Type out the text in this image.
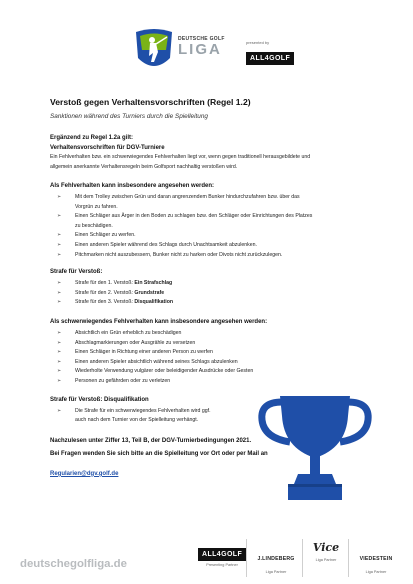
DEUTSCHE GOLF
LIGA	presented by
ALL4GOLF
Verstoß gegen Verhaltensvorschriften (Regel 1.2)
Sanktionen während des Turniers durch die Spielleitung
Ergänzend zu Regel 1.2a gilt:
Verhaltensvorschriften für DGV-Turniere
Ein Fehlverhalten bzw. ein schwerwiegendes Fehlverhalten liegt vor, wenn gegen traditionell herausgebildete und
allgemein anerkannte Verhaltensregeln beim Golfsport nachhaltig verstoßen wird.
Als Fehlverhalten kann insbesondere angesehen werden:
➢	Mit dem Trolley zwischen Grün und daran angrenzendem Bunker hindurchzufahren bzw. über das
Vorgrün zu fahren.
➢	Einen Schläger aus Ärger in den Boden zu schlagen bzw. den Schläger oder Einrichtungen des Platzes
zu beschädigen.
➢	Einen Schläger zu werfen.
➢	Einen anderen Spieler während des Schlags durch Unachtsamkeit abzulenken.
➢	Pitchmarken nicht auszubessern, Bunker nicht zu harken oder Divots nicht zurückzulegen.
Strafe für Verstoß:
➢	Strafe für den 1. Verstoß: Ein Strafschlag
➢	Strafe für den 2. Verstoß: Grundstrafe
➢	Strafe für den 3. Verstoß: Disqualifikation
Als schwerwiegendes Fehlverhalten kann insbesondere angesehen werden:
➢	Absichtlich ein Grün erheblich zu beschädigen
➢	Abschlagmarkierungen oder Ausgrähle zu versetzen
➢	Einen Schläger in Richtung einer anderen Person zu werfen
➢	Einen anderen Spieler absichtlich während seines Schlags abzulenken
➢	Wiederholte Verwendung vulgärer oder beleidigender Ausdrücke oder Gesten
➢	Personen zu gefährden oder zu verletzen
Strafe für Verstoß: Disqualifikation
➢	Die Strafe für ein schwerwiegendes Fehlverhalten wird ggf.
auch nach dem Turnier von der Spielleitung verhängt.
Nachzulesen unter Ziffer 13, Teil B, der DGV-Turnierbedingungen 2021.
Bei Fragen wenden Sie sich bitte an die Spielleitung vor Ort oder per Mail an
Regularien@dgv.golf.de
deutschegolfliga.de
ALL4GOLF
Presenting Partner
J.LINDEBERG
Liga Partner
Vice
Liga Partner	VIEDESTEIN
Liga Partner
